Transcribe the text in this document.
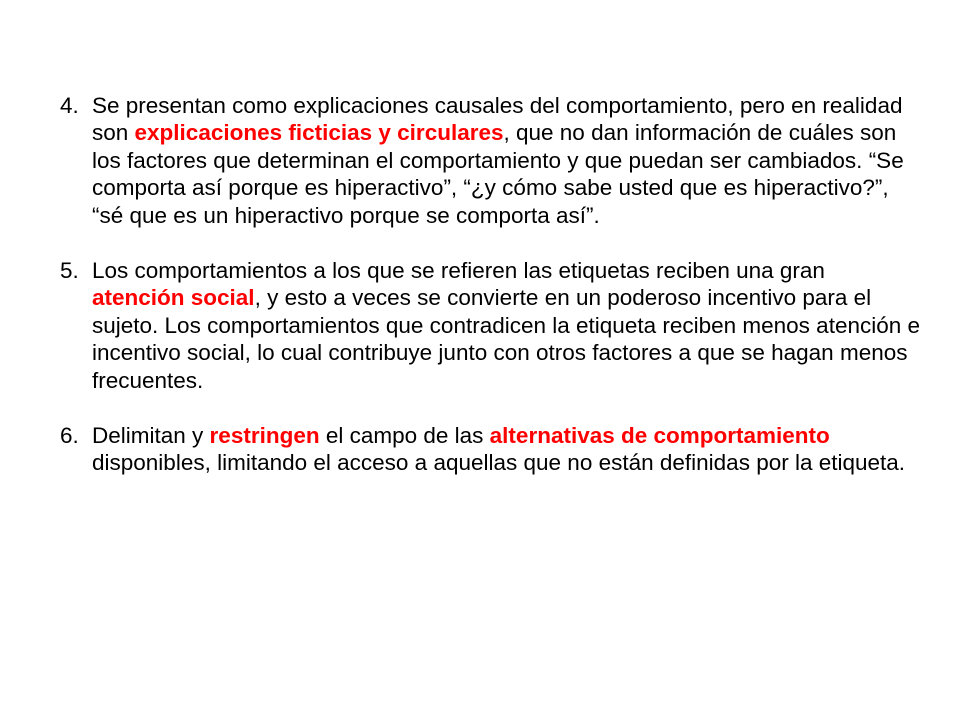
4. Se presentan como explicaciones causales del comportamiento, pero en realidad son explicaciones ficticias y circulares, que no dan información de cuáles son los factores que determinan el comportamiento y que puedan ser cambiados. “Se comporta así porque es hiperactivo”, “¿y cómo sabe usted que es hiperactivo?”, “sé que es un hiperactivo porque se comporta así”.

5. Los comportamientos a los que se refieren las etiquetas reciben una gran atención social, y esto a veces se convierte en un poderoso incentivo para el sujeto. Los comportamientos que contradicen la etiqueta reciben menos atención e incentivo social, lo cual contribuye junto con otros factores a que se hagan menos frecuentes.

6. Delimitan y restringen el campo de las alternativas de comportamiento disponibles, limitando el acceso a aquellas que no están definidas por la etiqueta.
